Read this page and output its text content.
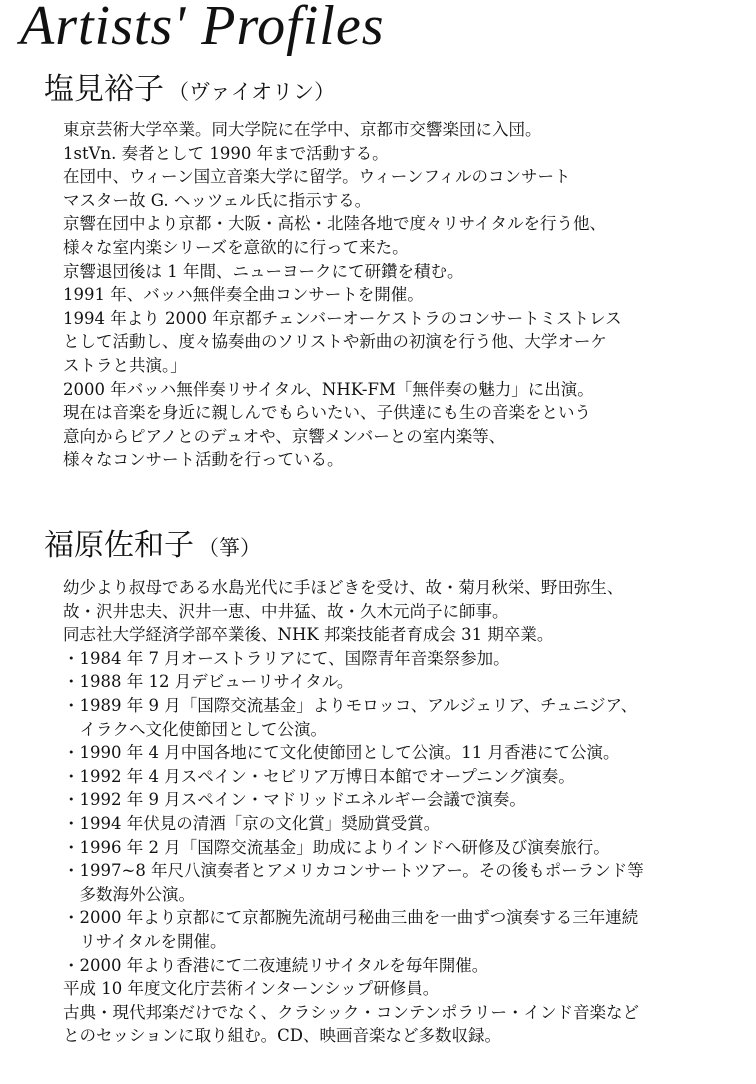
Artists' Profiles
塩見裕子 （ヴァイオリン）
東京芸術大学卒業。同大学院に在学中、京都市交響楽団に入団。
1stVn. 奏者として 1990 年まで活動する。
在団中、ウィーン国立音楽大学に留学。ウィーンフィルのコンサート
マスター故 G. ヘッツェル氏に指示する。
京響在団中より京都・大阪・高松・北陸各地で度々リサイタルを行う他、
様々な室内楽シリーズを意欲的に行って来た。
京響退団後は 1 年間、ニューヨークにて研鑽を積む。
1991 年、バッハ無伴奏全曲コンサートを開催。
1994 年より 2000 年京都チェンバーオーケストラのコンサートミストレス
として活動し、度々協奏曲のソリストや新曲の初演を行う他、大学オーケ
ストラと共演。」
2000 年バッハ無伴奏リサイタル、NHK-FM「無伴奏の魅力」に出演。
現在は音楽を身近に親しんでもらいたい、子供達にも生の音楽をという
意向からピアノとのデュオや、京響メンバーとの室内楽等、
様々なコンサート活動を行っている。
福原佐和子 （箏）
幼少より叔母である水島光代に手ほどきを受け、故・菊月秋栄、野田弥生、
故・沢井忠夫、沢井一恵、中井猛、故・久木元尚子に師事。
同志社大学経済学部卒業後、NHK 邦楽技能者育成会 31 期卒業。
・1984 年 7 月オーストラリアにて、国際青年音楽祭参加。
・1988 年 12 月デビューリサイタル。
・1989 年 9 月「国際交流基金」よりモロッコ、アルジェリア、チュニジア、
　イラクへ文化使節団として公演。
・1990 年 4 月中国各地にて文化使節団として公演。11 月香港にて公演。
・1992 年 4 月スペイン・セビリア万博日本館でオープニング演奏。
・1992 年 9 月スペイン・マドリッドエネルギー会議で演奏。
・1994 年伏見の清酒「京の文化賞」奨励賞受賞。
・1996 年 2 月「国際交流基金」助成によりインドへ研修及び演奏旅行。
・1997~8 年尺八演奏者とアメリカコンサートツアー。その後もポーランド等
　多数海外公演。
・2000 年より京都にて京都腕先流胡弓秘曲三曲を一曲ずつ演奏する三年連続
　リサイタルを開催。
・2000 年より香港にて二夜連続リサイタルを毎年開催。
平成 10 年度文化庁芸術インターンシップ研修員。
古典・現代邦楽だけでなく、クラシック・コンテンポラリー・インド音楽など
とのセッションに取り組む。CD、映画音楽など多数収録。
